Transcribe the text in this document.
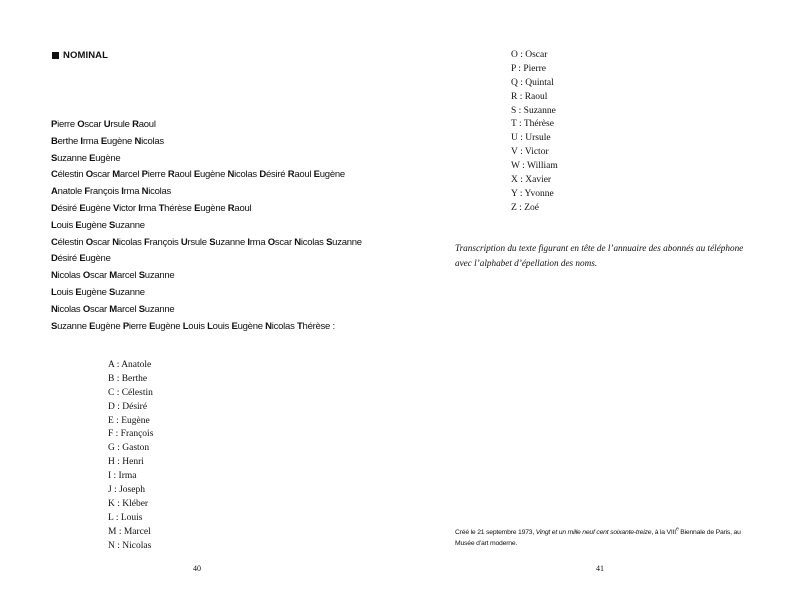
NOMINAL
Pierre Oscar Ursule Raoul
Berthe Irma Eugène Nicolas
Suzanne Eugène
Célestin Oscar Marcel Pierre Raoul Eugène Nicolas Désiré Raoul Eugène
Anatole François Irma Nicolas
Désiré Eugène Victor Irma Thérèse Eugène Raoul
Louis Eugène Suzanne
Célestin Oscar Nicolas François Ursule Suzanne Irma Oscar Nicolas Suzanne
Désiré Eugène
Nicolas Oscar Marcel Suzanne
Louis Eugène Suzanne
Nicolas Oscar Marcel Suzanne
Suzanne Eugène Pierre Eugène Louis Louis Eugène Nicolas Thérèse :
A : Anatole
B : Berthe
C : Célestin
D : Désiré
E : Eugène
F : François
G : Gaston
H : Henri
I : Irma
J : Joseph
K : Kléber
L : Louis
M : Marcel
N : Nicolas
40
O : Oscar
P : Pierre
Q : Quintal
R : Raoul
S : Suzanne
T : Thérèse
U : Ursule
V : Victor
W : William
X : Xavier
Y : Yvonne
Z : Zoé
Transcription du texte figurant en tête de l’annuaire des abonnés au téléphone avec l’alphabet d’épellation des noms.
Créé le 21 septembre 1973, Vingt et un mille neuf cent soixante-treize, à la VIIIe Biennale de Paris, au Musée d’art moderne.
41
